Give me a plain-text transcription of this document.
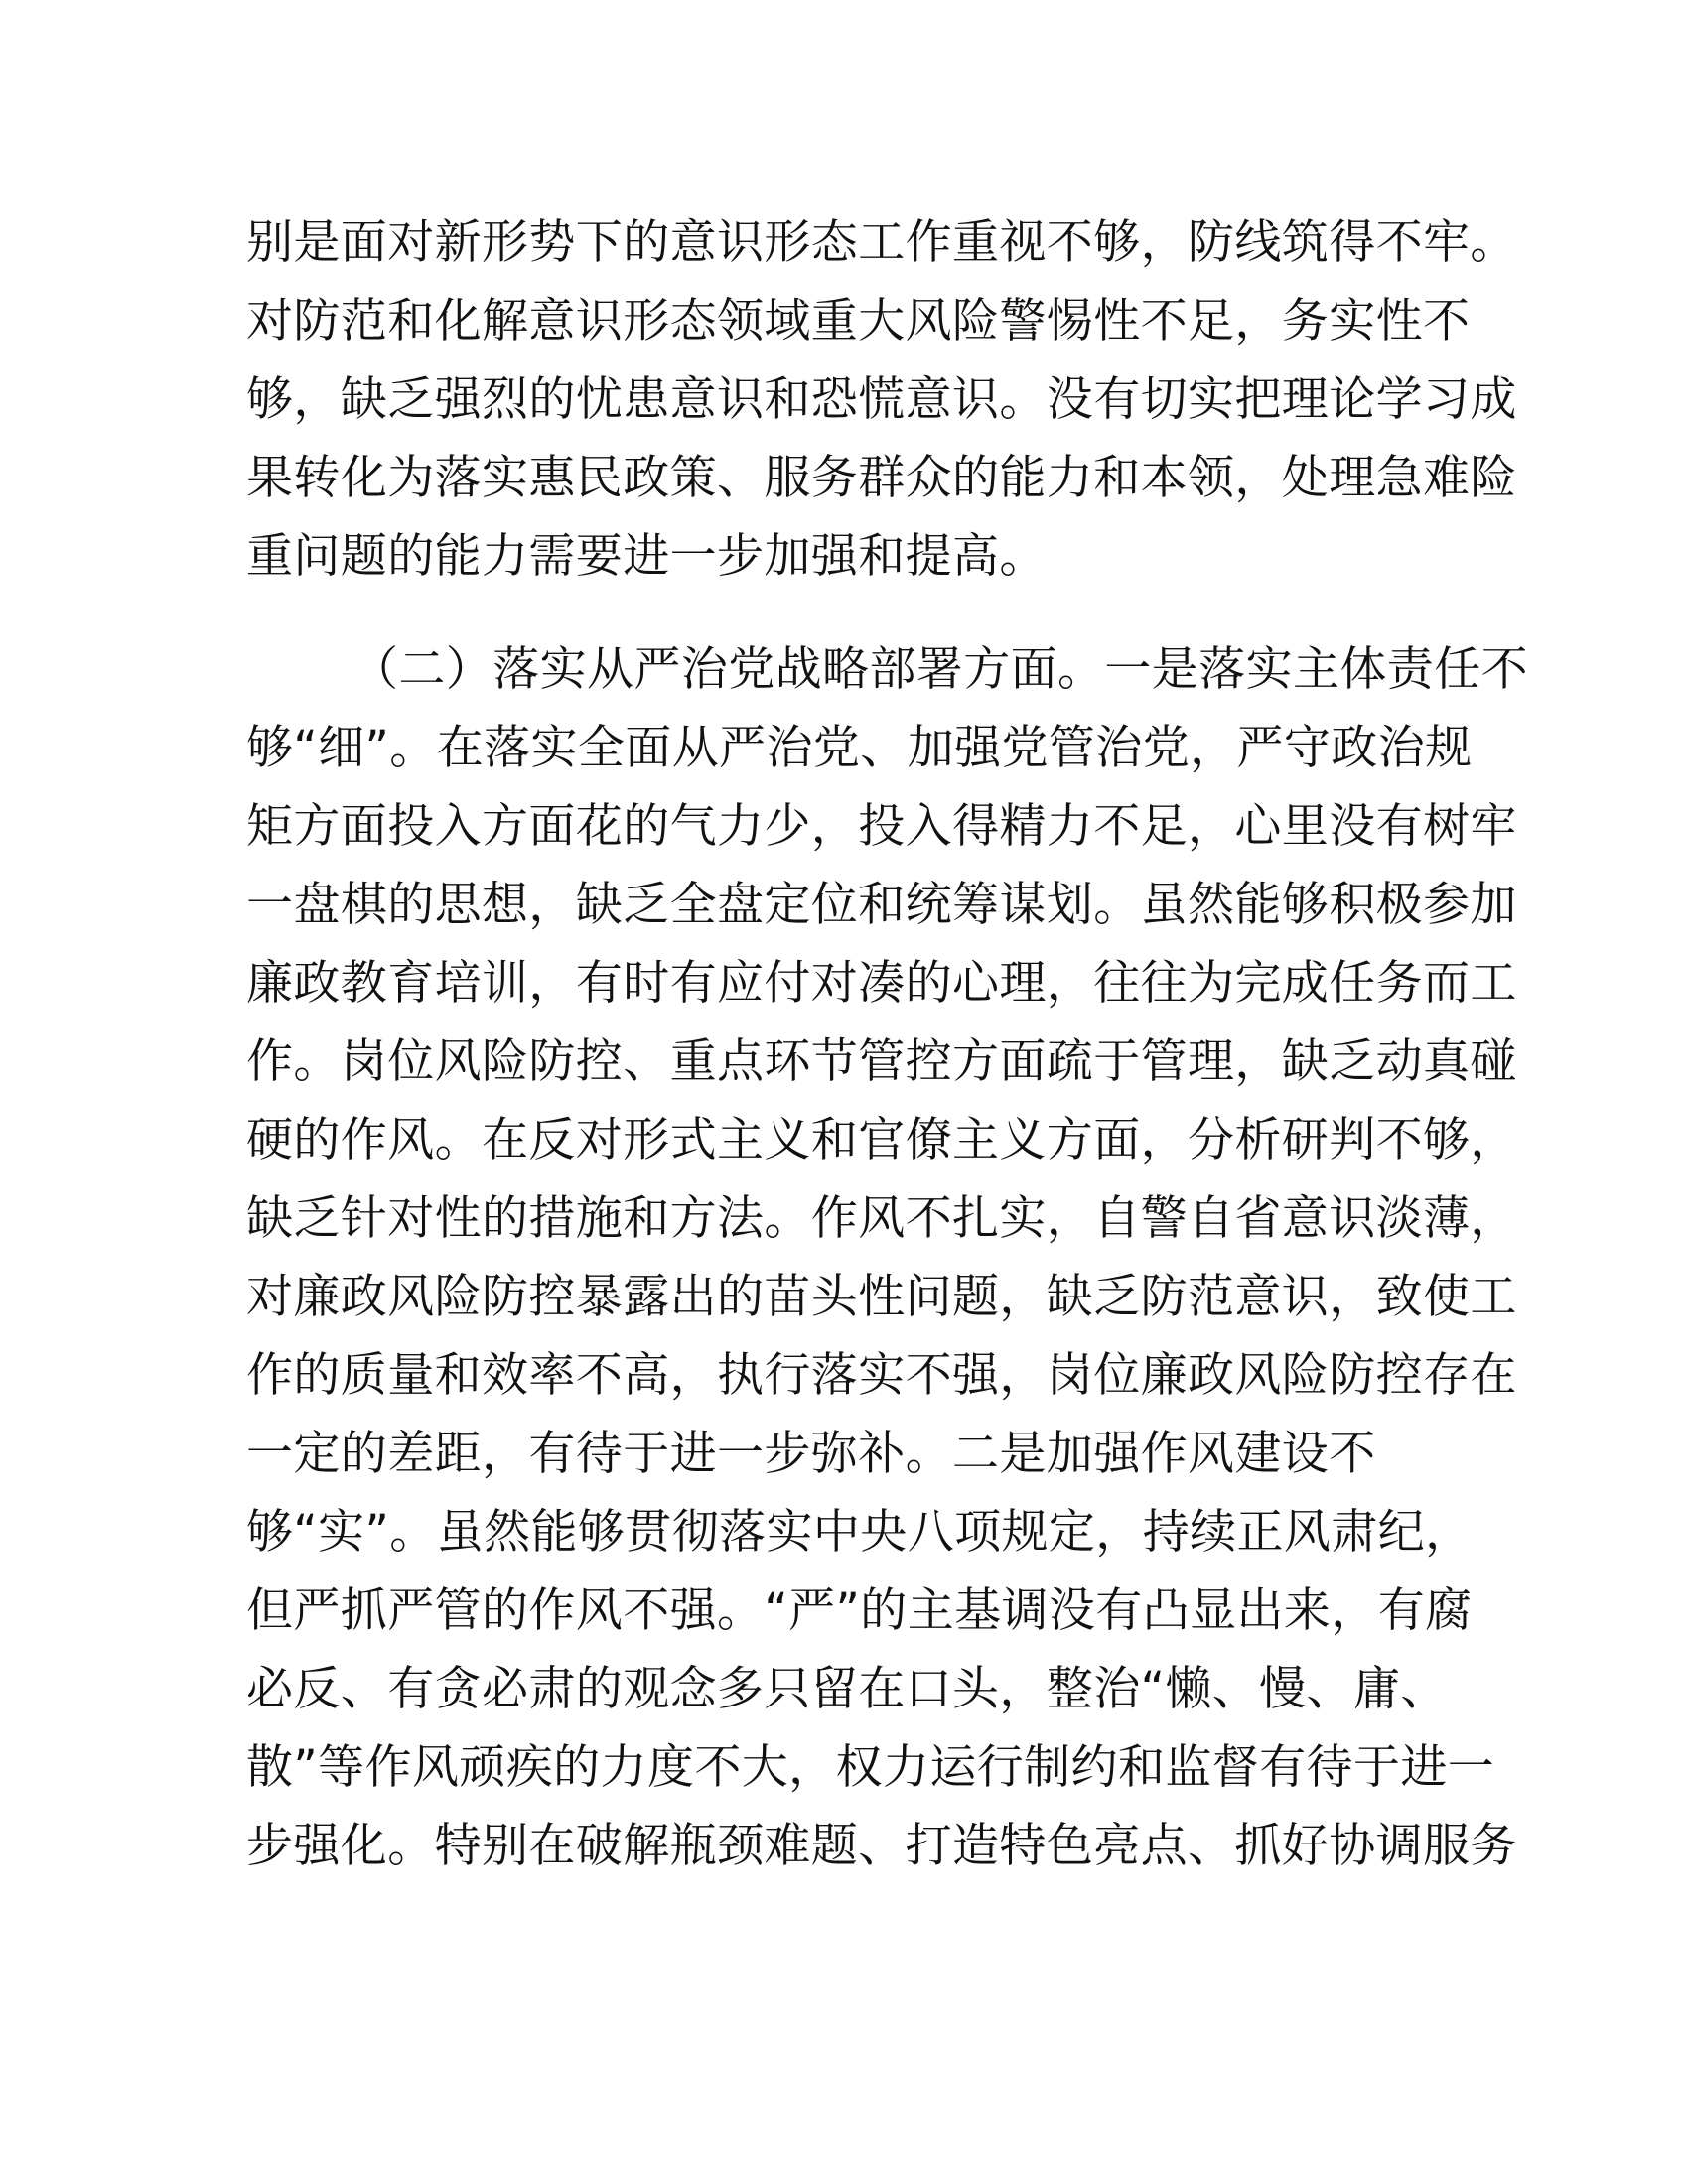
别是面对新形势下的意识形态工作重视不够，防线筑得不牢。
对防范和化解意识形态领域重大风险警惕性不足，务实性不
够，缺乏强烈的忧患意识和恐慌意识。没有切实把理论学习成
果转化为落实惠民政策、服务群众的能力和本领，处理急难险
重问题的能力需要进一步加强和提高。
（二）落实从严治党战略部署方面。一是落实主体责任不
够“细”。在落实全面从严治党、加强党管治党，严守政治规
矩方面投入方面花的气力少，投入得精力不足，心里没有树牢
一盘棋的思想，缺乏全盘定位和统筹谋划。虽然能够积极参加
廉政教育培训，有时有应付对凑的心理，往往为完成任务而工
作。岗位风险防控、重点环节管控方面疏于管理，缺乏动真碰
硬的作风。在反对形式主义和官僚主义方面，分析研判不够，
缺乏针对性的措施和方法。作风不扎实，自警自省意识淡薄，
对廉政风险防控暴露出的苗头性问题，缺乏防范意识，致使工
作的质量和效率不高，执行落实不强，岗位廉政风险防控存在
一定的差距，有待于进一步弥补。二是加强作风建设不
够“实”。虽然能够贯彻落实中央八项规定，持续正风肃纪，
但严抓严管的作风不强。“严”的主基调没有凸显出来，有腐
必反、有贪必肃的观念多只留在口头，整治“懒、慢、庸、
散”等作风顽疾的力度不大，权力运行制约和监督有待于进一
步强化。特别在破解瓶颈难题、打造特色亮点、抓好协调服务
